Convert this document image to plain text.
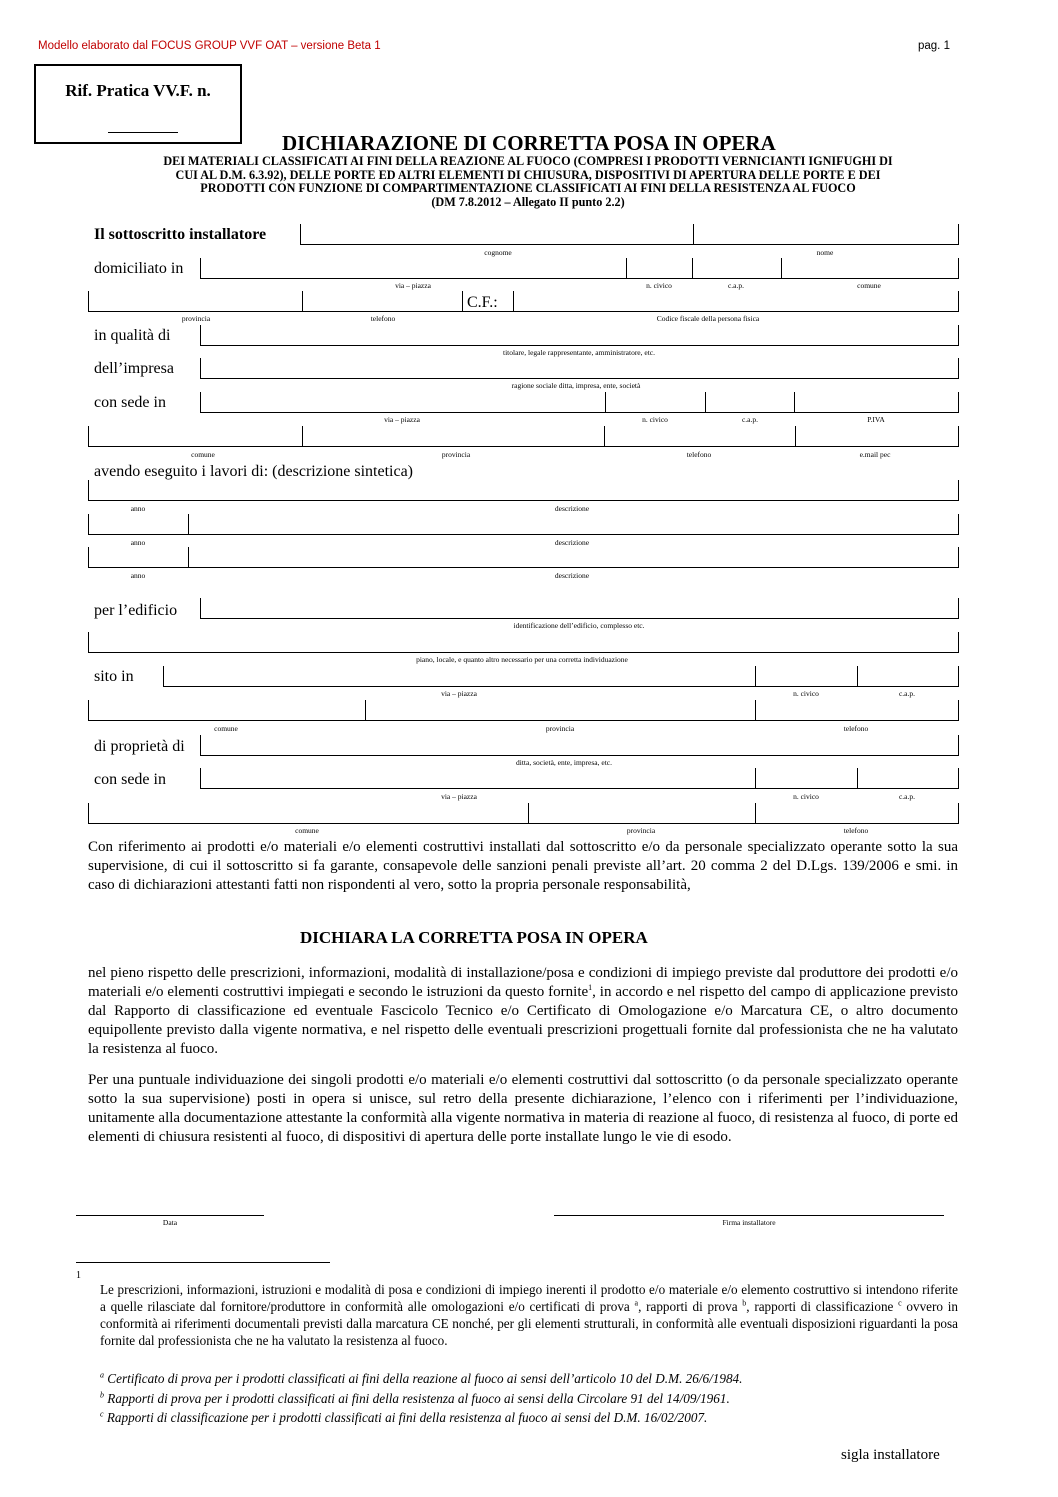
Modello elaborato dal FOCUS GROUP VVF OAT – versione Beta 1	pag. 1
Rif. Pratica VV.F. n.
DICHIARAZIONE DI CORRETTA POSA IN OPERA
DEI MATERIALI CLASSIFICATI AI FINI DELLA REAZIONE AL FUOCO (COMPRESI I PRODOTTI VERNICIANTI IGNIFUGHI DI
CUI AL D.M. 6.3.92), DELLE PORTE ED ALTRI ELEMENTI DI CHIUSURA, DISPOSITIVI DI APERTURA DELLE PORTE E DEI
PRODOTTI CON FUNZIONE DI COMPARTIMENTAZIONE CLASSIFICATI AI FINI DELLA RESISTENZA AL FUOCO
(DM 7.8.2012 – Allegato II punto 2.2)
Il sottoscritto installatore
cognome	nome
domiciliato in
via – piazza	n. civico	c.a.p.	comune
C.F.:
provincia	telefono	Codice fiscale della persona fisica
in qualità di
titolare, legale rappresentante, amministratore, etc.
dell’impresa
ragione sociale ditta, impresa, ente, società
con sede in
via – piazza	n. civico	c.a.p.	P.IVA
comune	provincia	telefono	e.mail pec
avendo eseguito i lavori di: (descrizione sintetica)
anno	descrizione
anno	descrizione
anno	descrizione
per l’edificio
identificazione dell’edificio, complesso etc.
piano, locale, e quanto altro necessario per una corretta individuazione
sito in
via – piazza	n. civico	c.a.p.
comune	provincia	telefono
di proprietà di
ditta, società, ente, impresa, etc.
con sede in
via – piazza	n. civico	c.a.p.
comune	provincia	telefono
Con riferimento ai prodotti e/o materiali e/o elementi costruttivi installati dal sottoscritto e/o da personale specializzato operante sotto la sua supervisione, di cui il sottoscritto si fa garante, consapevole delle sanzioni penali previste all’art. 20 comma 2 del D.Lgs. 139/2006 e smi. in caso di dichiarazioni attestanti fatti non rispondenti al vero, sotto la propria personale responsabilità,
DICHIARA LA CORRETTA POSA IN OPERA
nel pieno rispetto delle prescrizioni, informazioni, modalità di installazione/posa e condizioni di impiego previste dal produttore dei prodotti e/o materiali e/o elementi costruttivi impiegati e secondo le istruzioni da questo fornite$^1$, in accordo e nel rispetto del campo di applicazione previsto dal Rapporto di classificazione ed eventuale Fascicolo Tecnico e/o Certificato di Omologazione e/o Marcatura CE, o altro documento equipollente previsto dalla vigente normativa, e nel rispetto delle eventuali prescrizioni progettuali fornite dal professionista che ne ha valutato la resistenza al fuoco.
Per una puntuale individuazione dei singoli prodotti e/o materiali e/o elementi costruttivi dal sottoscritto (o da personale specializzato operante sotto la sua supervisione) posti in opera si unisce, sul retro della presente dichiarazione, l’elenco con i riferimenti per l’individuazione, unitamente alla documentazione attestante la conformità alla vigente normativa in materia di reazione al fuoco, di resistenza al fuoco, di porte ed elementi di chiusura resistenti al fuoco, di dispositivi di apertura delle porte installate lungo le vie di esodo.
Data	Firma installatore
1
Le prescrizioni, informazioni, istruzioni e modalità di posa e condizioni di impiego inerenti il prodotto e/o materiale e/o elemento costruttivo si intendono riferite a quelle rilasciate dal fornitore/produttore in conformità alle omologazioni e/o certificati di prova $^a$, rapporti di prova $^b$, rapporti di classificazione $^c$ ovvero in conformità ai riferimenti documentali previsti dalla marcatura CE nonché, per gli elementi strutturali, in conformità alle eventuali disposizioni riguardanti la posa fornite dal professionista che ne ha valutato la resistenza al fuoco.
$^a$ Certificato di prova per i prodotti classificati ai fini della reazione al fuoco ai sensi dell’articolo 10 del D.M. 26/6/1984.
$^b$ Rapporti di prova per i prodotti classificati ai fini della resistenza al fuoco ai sensi della Circolare 91 del 14/09/1961.
$^c$ Rapporti di classificazione per i prodotti classificati ai fini della resistenza al fuoco ai sensi del D.M. 16/02/2007.
sigla installatore
